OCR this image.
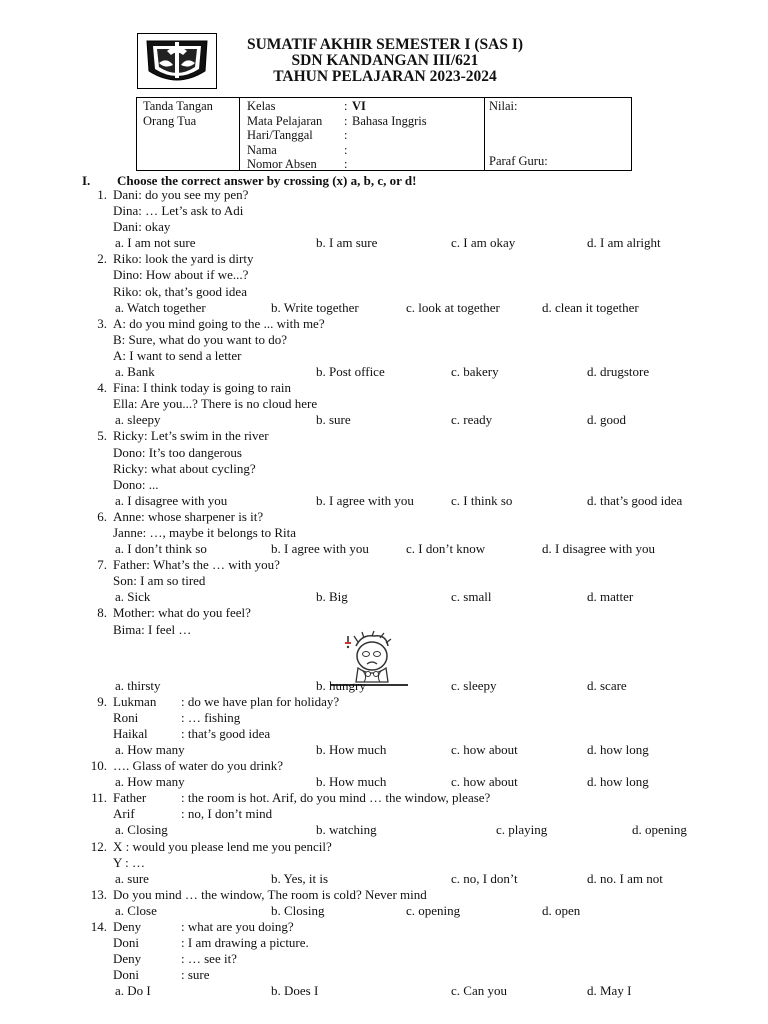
SUMATIF AKHIR SEMESTER I (SAS I)
SDN KANDANGAN III/621
TAHUN PELAJARAN 2023-2024
Tanda Tangan
Orang Tua
Kelas	: VI
Mata Pelajaran : Bahasa Inggris
Hari/Tanggal :
Nama	:
Nomor Absen :
Nilai:
Paraf Guru:
I. Choose the correct answer by crossing (x) a, b, c, or d!
1. Dani: do you see my pen?
Dina: … Let’s ask to Adi
Dani: okay
a. I am not sure	b. I am sure	c. I am okay	d. I am alright
2. Riko: look the yard is dirty
Dino: How about if we...?
Riko: ok, that’s good idea
a. Watch together	b. Write together	c. look at together	d. clean it together
3. A: do you mind going to the ... with me?
B: Sure, what do you want to do?
A: I want to send a letter
a. Bank	b. Post office	c. bakery	d. drugstore
4. Fina: I think today is going to rain
Ella: Are you...? There is no cloud here
a. sleepy	b. sure	c. ready	d. good
5. Ricky: Let’s swim in the river
Dono: It’s too dangerous
Ricky: what about cycling?
Dono: ...
a. I disagree with you	b. I agree with you	c. I think so	d. that’s good idea
6. Anne: whose sharpener is it?
Janne: …, maybe it belongs to Rita
a. I don’t think so	b. I agree with you	c. I don’t know	d. I disagree with you
7. Father: What’s the … with you?
Son: I am so tired
a. Sick	b. Big	c. small	d. matter
8. Mother: what do you feel?
Bima: I feel …
a. thirsty	b. hungry	c. sleepy	d. scare
9. Lukman : do we have plan for holiday?
Roni	: … fishing
Haikal	: that’s good idea
a. How many	b. How much	c. how about	d. how long
10. …. Glass of water do you drink?
a. How many	b. How much	c. how about	d. how long
11. Father	: the room is hot. Arif, do you mind … the window, please?
Arif	: no, I don’t mind
a. Closing	b. watching	c. playing	d. opening
12. X : would you please lend me you pencil?
Y : …
a. sure	b. Yes, it is	c. no, I don’t	d. no. I am not
13. Do you mind … the window, The room is cold? Never mind
a. Close	b. Closing	c. opening	d. open
14. Deny	: what are you doing?
Doni	: I am drawing a picture.
Deny	: … see it?
Doni	: sure
a. Do I	b. Does I	c. Can you	d. May I
